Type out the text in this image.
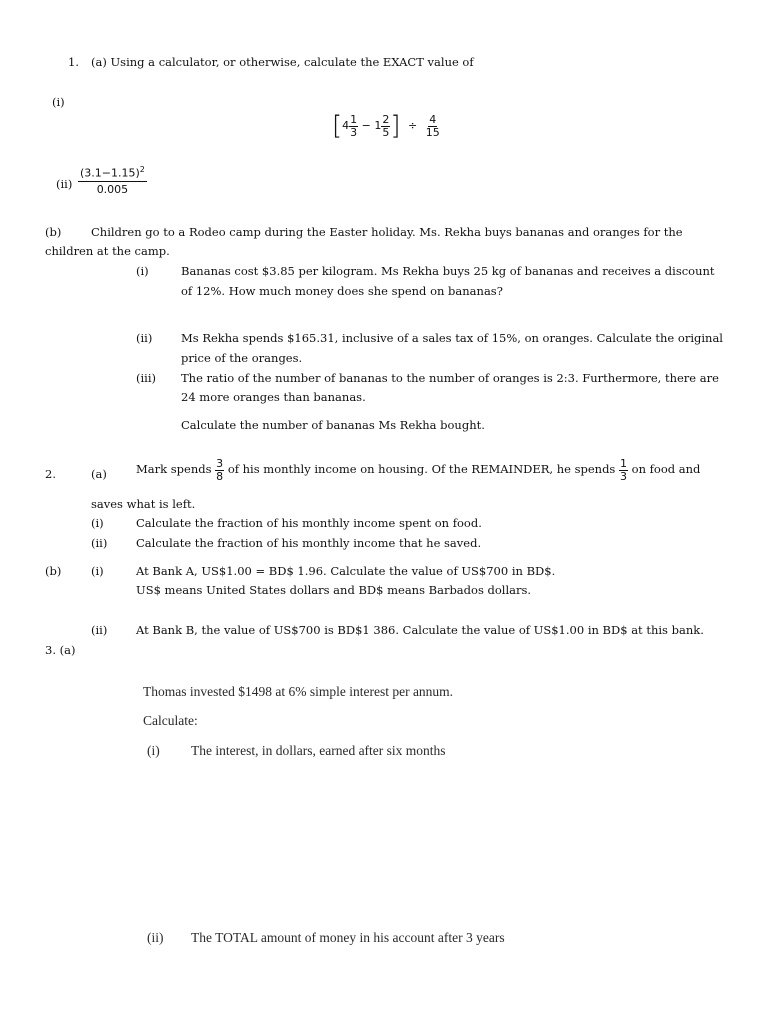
1. (a) Using a calculator, or otherwise, calculate the EXACT value of
(i)
[$4 \frac{1}{3} - 1 \frac{2}{5}$ ] ÷ $\frac{4}{15}$
$(ii) \frac{(3.1-1.15)^2}{0.005}$
(b)	Children go to a Rodeo camp during the Easter holiday. Ms. Rekha buys bananas and oranges for the
children at the camp.
(i)	Bananas cost $3.85 per kilogram. Ms Rekha buys 25 kg of bananas and receives a discount
of 12%. How much money does she spend on bananas?
(ii) Ms Rekha spends $165.31, inclusive of a sales tax of 15%, on oranges. Calculate the original
price of the oranges.
(iii) The ratio of the number of bananas to the number of oranges is 2:3. Furthermore, there are
24 more oranges than bananas.
Calculate the number of bananas Ms Rekha bought.
2.	(a)	Mark spends $\frac{3}{8}$ of his monthly income on housing. Of the REMAINDER, he spends $\frac{1}{3}$ on food and
saves what is left.
(i)	Calculate the fraction of his monthly income spent on food.
(ii) Calculate the fraction of his monthly income that he saved.
(b)	(i)	At Bank A, US$1.00 = BD$ 1.96. Calculate the value of US$700 in BD$.
US$ means United States dollars and BD$ means Barbados dollars.
(ii) At Bank B, the value of US$700 is BD$1 386. Calculate the value of US$1.00 in BD$ at this bank.
3. (a)
Thomas invested $1498 at 6% simple interest per annum.
Calculate:
(i) The interest, in dollars, earned after six months
(ii) The TOTAL amount of money in his account after 3 years
